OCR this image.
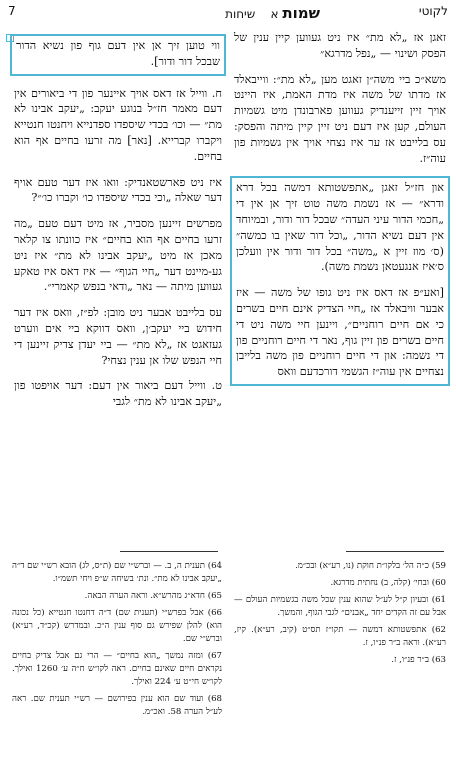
לקוטי
שמות א    שיחות
7

זאגן אז „לא מת״ איז ניט געווען קיין ענין של הפסק ושינוי — „נפל מדרגא״

משא״כ ביי משה״ן זאגט מען „לא מת״: ווייבאלד אז מדתו של משה איז מדת האמת, איז היינט אויך זיין זייענדיק געווען פארבונדן מיט גשמיות העולם, קען איז דעם ניט זיין קיין מיתה והפסק: עס בלייבט אז ער איז נצחי אויך אין גשמיות פון עוה״ז.

און חז״ל זאגן „אתפשטותא דמשה בכל דרא ודרא״ — אז נשמת משה טוט זיך אן אין די „חכמי הדור עיני העדה״ שבכל דור ודור, ובמיוחד אין דעם נשיא הדור, „וכל דור שאין בו כמשה״ (ס׳ מוז זיין א „משה״ בכל דור ודור אין וועלכן ס׳איז אנגעטאן נשמת משה).

[ואע״פ אז דאס איז ניט גופו של משה — איז אבער וויבאלד אז „חיי הצדיק אינם חיים בשרים כי אם חיים רוחניים״, ויינען חיי משה ניט די חיים בשרים פון זיין גוף, נאר די חיים רוחניים פון די נשמה: און די חיים רוחניים פון משה בלייבן נצחיים אין עוה״ז הגשמי דורכדעם וואס

ווי טוען זיך אן אין דעם גוף פון נשיא הדור שבכל דור ודור].

ח. ווייל אז דאס אויך איינער פון די ביאורים אין דעם מאמר חז״ל בנוגע יעקב: „יעקב אבינו לא מת״ — וכו׳ בכדי שיספדו ספדנייא ויחנטו חנטייא ויקברו קברייא. [נאר] מה זרעו בחיים אף הוא בחיים.

איז ניט פארשטאנדיק: וואו איז דער טעם אויף דער שאלה „וכי בכדי שיספדו כו׳ וקברו כו׳״?

מפרשים זיינען מסביר, אז מיט דעם טעם „מה זרעו בחיים אף הוא בחיים״ איז כוונתו צו קלאר מאכן אז מיט „יעקב אבינו לא מת״ איז ניט גע-מיינט דער „חיי הגוף״ — איז דאס איז טאקע געווען מיתה — נאר „ודאי בנפש קאמרי״.

עס בלייבט אבער ניט מובן: לפ״ז, וואס איז דער חידוש ביי יעקב׳ן, וואס דווקא ביי אים ווערט געזאגט אז „לא מת״ — ביי יעדן צדיק זיינען די חיי הנפש שלו אן ענין נצחי?

ט. ווייל דעם ביאור אין דעם: דער אויפטו פון „יעקב אבינו לא מת״ לגבי

59) כ״ה הל׳ בלקו״ת חוקת (נו, רע״א) ובכ״מ.
60) ובחי׳ (קלה, ב) נחתית מדרגא.
61) ובעיון ק״ל לע״ל שהוא ענין שכל משה בגשמיות העולם — אבל עם זה הקדים יחד „אבנים״ לגבי הגוף, והמשך.
62) אתפשטותא דמשה — תקו״ז תס״ט (קיב, רע״א). קיז, רע״א). וראה ב״ר פנ״ו, ז.
63) ב״ר פנ״ו, ז.
64) תענית ה, ב. — וברש״י שם (ת״ס, לג) הובא רש״י שם ד״ה „יעקב אבינו לא מת״. ונת׳ בשיחה ש״פ ויחי תשמ״ו.
65) חדא״ג מהרש״א. וראה הערה הבאה.
66) אבל בפרש״י (תענית שם) ד״ה דחנטו חנטייא (כל נכונה הוא) להלן שפירש גם סוף ענין ה״כ. ובמדרש (קכ״ד, רע״א) וברש״י שם.
67) ומזה נמשך „הוא בחיים״ — הרי גם אבל צדיק בחיים נקראים חיים שאינם בחיים. ראה לקו״ש ח״ה ע׳ 1260 ואילך. לקו״ש חי״ט ע׳ 224 ואילך.
68) ועוד שם הוא ענין בפירושם — רש״י תענית שם. ראה לע״ל הערה 58. ואכ״מ.
